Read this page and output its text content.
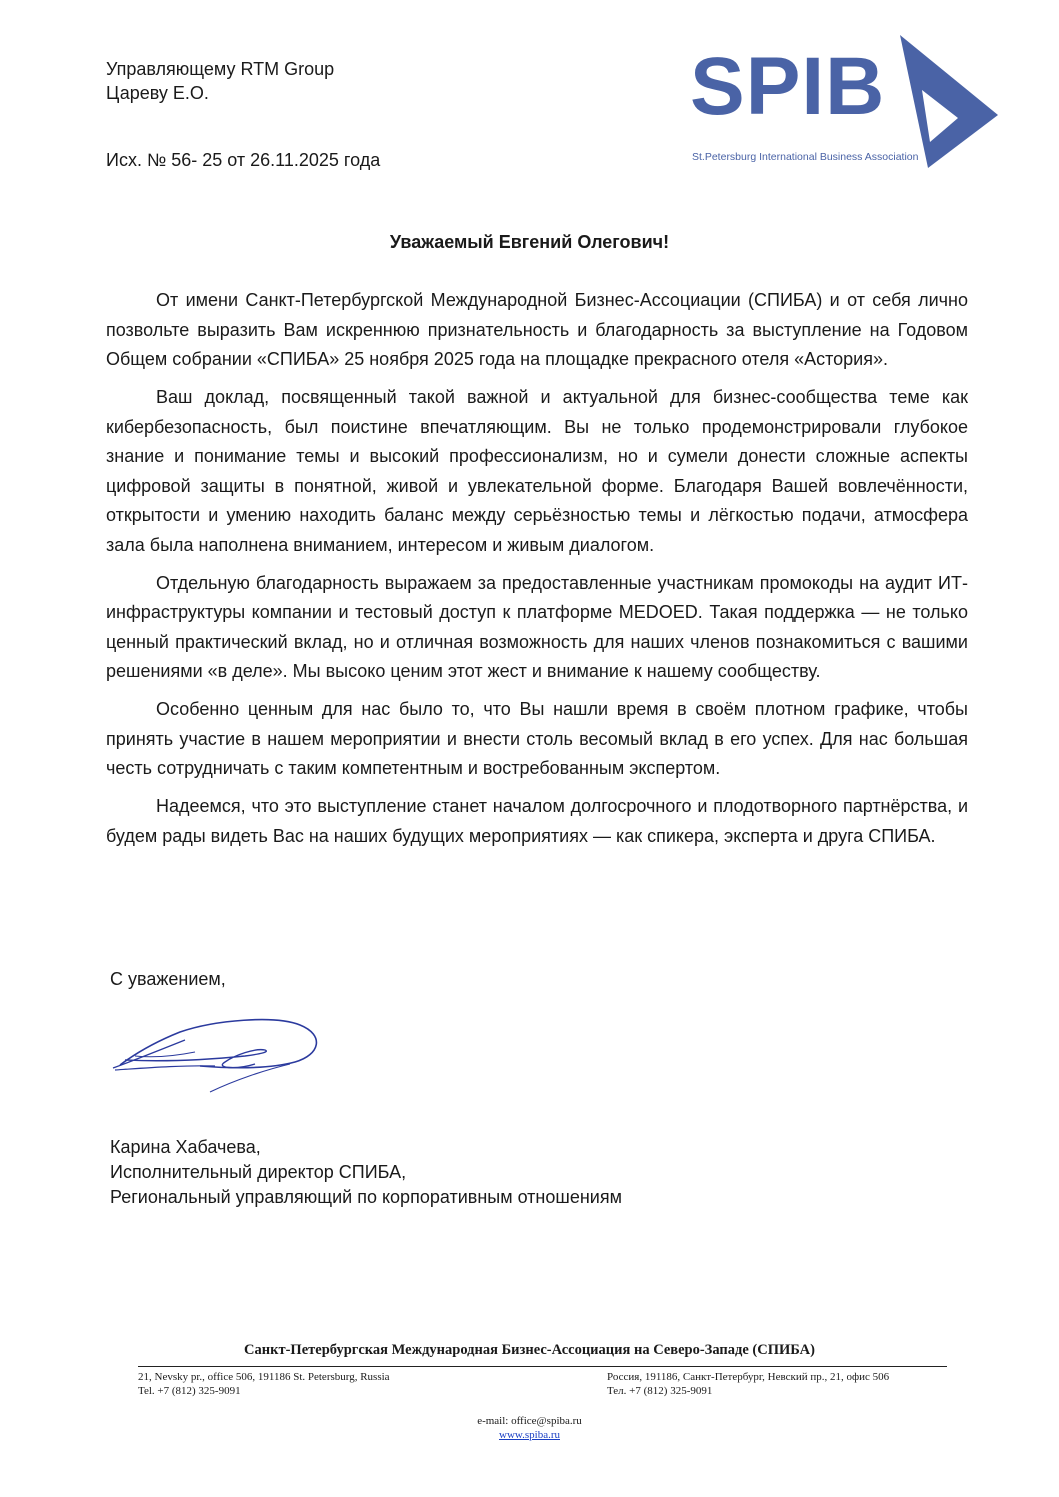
Управляющему RTM Group
Цареву Е.О.
Исх. № 56- 25 от 26.11.2025 года
SPIB
St.Petersburg International Business Association
Уважаемый Евгений Олегович!

От имени Санкт-Петербургской Международной Бизнес-Ассоциации (СПИБА) и от себя лично позвольте выразить Вам искреннюю признательность и благодарность за выступление на Годовом Общем собрании «СПИБА» 25 ноября 2025 года на площадке прекрасного отеля «Астория».

Ваш доклад, посвященный такой важной и актуальной для бизнес-сообщества теме как кибербезопасность, был поистине впечатляющим. Вы не только продемонстрировали глубокое знание и понимание темы и высокий профессионализм, но и сумели донести сложные аспекты цифровой защиты в понятной, живой и увлекательной форме. Благодаря Вашей вовлечённости, открытости и умению находить баланс между серьёзностью темы и лёгкостью подачи, атмосфера зала была наполнена вниманием, интересом и живым диалогом.

Отдельную благодарность выражаем за предоставленные участникам промокоды на аудит ИТ-инфраструктуры компании и тестовый доступ к платформе MEDOED. Такая поддержка — не только ценный практический вклад, но и отличная возможность для наших членов познакомиться с вашими решениями «в деле». Мы высоко ценим этот жест и внимание к нашему сообществу.

Особенно ценным для нас было то, что Вы нашли время в своём плотном графике, чтобы принять участие в нашем мероприятии и внести столь весомый вклад в его успех. Для нас большая честь сотрудничать с таким компетентным и востребованным экспертом.

Надеемся, что это выступление станет началом долгосрочного и плодотворного партнёрства, и будем рады видеть Вас на наших будущих мероприятиях — как спикера, эксперта и друга СПИБА.

С уважением,
Карина Хабачева,
Исполнительный директор СПИБА,
Региональный управляющий по корпоративным отношениям
Санкт-Петербургская Международная Бизнес-Ассоциация на Северо-Западе (СПИБА)
21, Nevsky pr., office 506, 191186 St. Petersburg, Russia
Tel. +7 (812) 325-9091
Россия, 191186, Санкт-Петербург, Невский пр., 21, офис 506
Тел. +7 (812) 325-9091
e-mail: office@spiba.ru
www.spiba.ru
